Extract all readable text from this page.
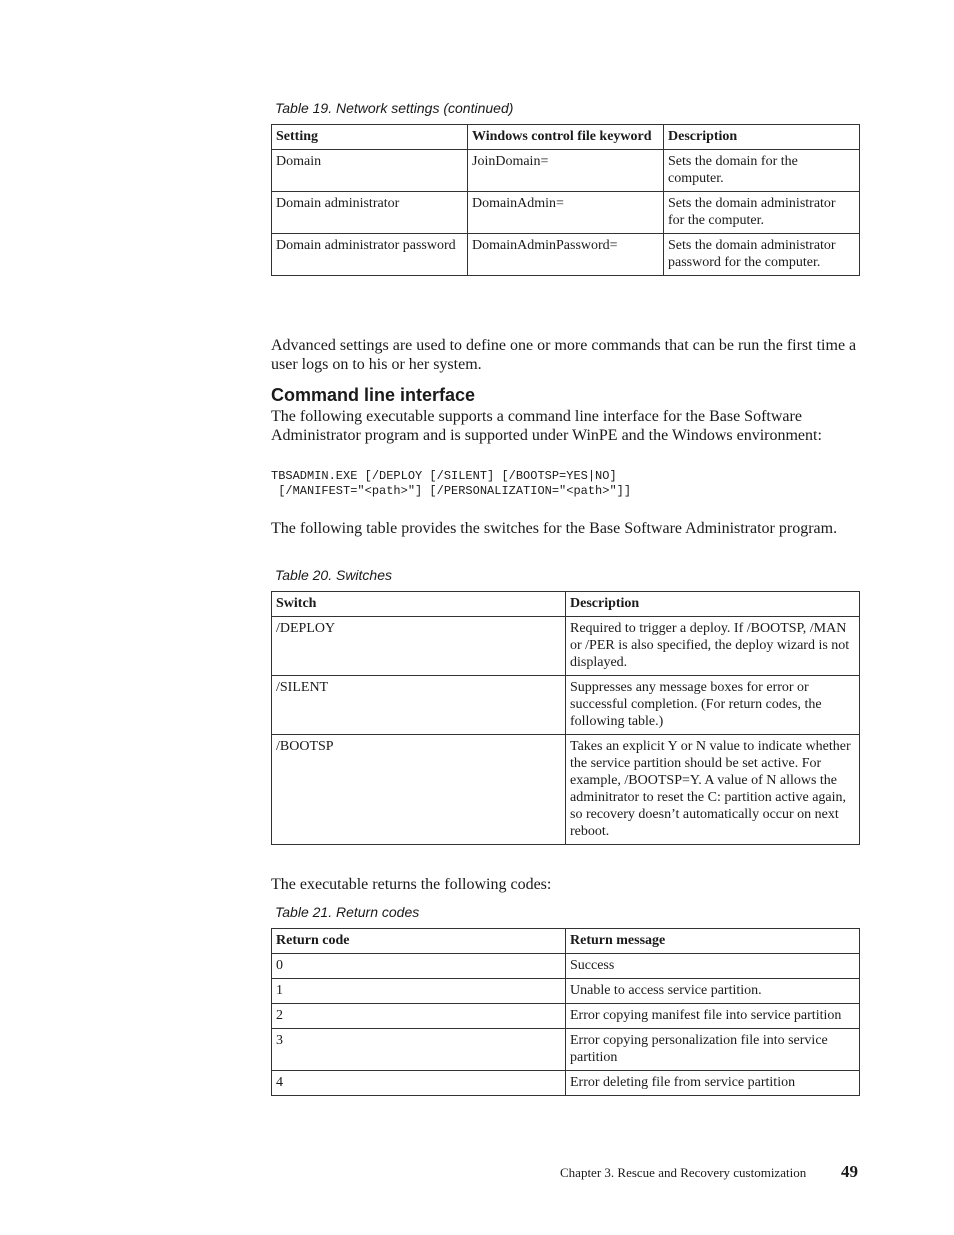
Table 19. Network settings (continued)
Setting	Windows control file keyword	Description
Domain	JoinDomain=	Sets the domain for the computer.
Domain administrator	DomainAdmin=	Sets the domain administrator for the computer.
Domain administrator password	DomainAdminPassword=	Sets the domain administrator password for the computer.
Advanced settings are used to define one or more commands that can be run the first time a user logs on to his or her system.
Command line interface
The following executable supports a command line interface for the Base Software Administrator program and is supported under WinPE and the Windows environment:
TBSADMIN.EXE [/DEPLOY [/SILENT] [/BOOTSP=YES|NO]
[/MANIFEST="<path>"] [/PERSONALIZATION="<path>"]]
The following table provides the switches for the Base Software Administrator program.
Table 20. Switches
Switch	Description
/DEPLOY	Required to trigger a deploy. If /BOOTSP, /MAN or /PER is also specified, the deploy wizard is not displayed.
/SILENT	Suppresses any message boxes for error or successful completion. (For return codes, the following table.)
/BOOTSP	Takes an explicit Y or N value to indicate whether the service partition should be set active. For example, /BOOTSP=Y. A value of N allows the adminitrator to reset the C: partition active again, so recovery doesn’t automatically occur on next reboot.
The executable returns the following codes:
Table 21. Return codes
Return code	Return message
0	Success
1	Unable to access service partition.
2	Error copying manifest file into service partition
3	Error copying personalization file into service partition
4	Error deleting file from service partition
Chapter 3. Rescue and Recovery customization 49
